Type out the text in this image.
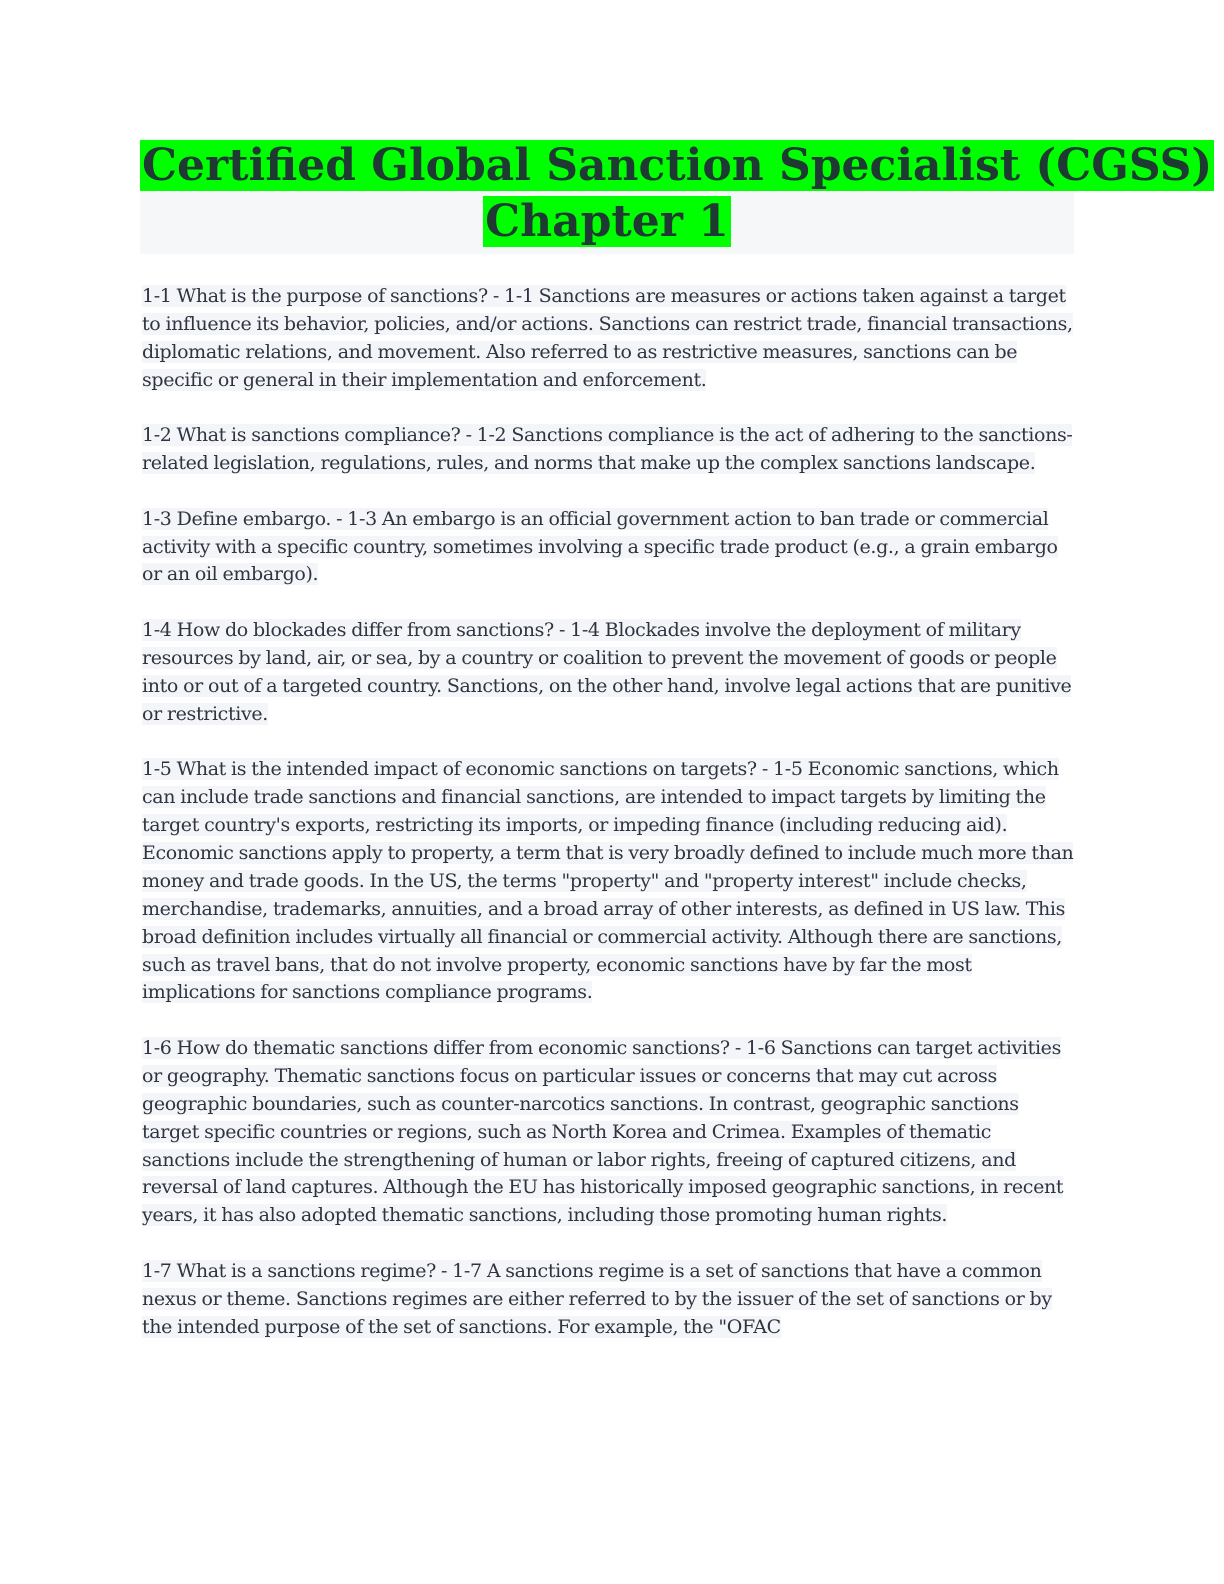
Certified Global Sanction Specialist (CGSS)
Chapter 1

1-1 What is the purpose of sanctions? - 1-1 Sanctions are measures or actions taken against a target to influence its behavior, policies, and/or actions. Sanctions can restrict trade, financial transactions, diplomatic relations, and movement. Also referred to as restrictive measures, sanctions can be specific or general in their implementation and enforcement.

1-2 What is sanctions compliance? - 1-2 Sanctions compliance is the act of adhering to the sanctions-related legislation, regulations, rules, and norms that make up the complex sanctions landscape.

1-3 Define embargo. - 1-3 An embargo is an official government action to ban trade or commercial activity with a specific country, sometimes involving a specific trade product (e.g., a grain embargo or an oil embargo).

1-4 How do blockades differ from sanctions? - 1-4 Blockades involve the deployment of military resources by land, air, or sea, by a country or coalition to prevent the movement of goods or people into or out of a targeted country. Sanctions, on the other hand, involve legal actions that are punitive or restrictive.

1-5 What is the intended impact of economic sanctions on targets? - 1-5 Economic sanctions, which can include trade sanctions and financial sanctions, are intended to impact targets by limiting the target country's exports, restricting its imports, or impeding finance (including reducing aid). Economic sanctions apply to property, a term that is very broadly defined to include much more than money and trade goods. In the US, the terms "property" and "property interest" include checks, merchandise, trademarks, annuities, and a broad array of other interests, as defined in US law. This broad definition includes virtually all financial or commercial activity. Although there are sanctions, such as travel bans, that do not involve property, economic sanctions have by far the most implications for sanctions compliance programs.

1-6 How do thematic sanctions differ from economic sanctions? - 1-6 Sanctions can target activities or geography. Thematic sanctions focus on particular issues or concerns that may cut across geographic boundaries, such as counter-narcotics sanctions. In contrast, geographic sanctions target specific countries or regions, such as North Korea and Crimea. Examples of thematic sanctions include the strengthening of human or labor rights, freeing of captured citizens, and reversal of land captures. Although the EU has historically imposed geographic sanctions, in recent years, it has also adopted thematic sanctions, including those promoting human rights.

1-7 What is a sanctions regime? - 1-7 A sanctions regime is a set of sanctions that have a common nexus or theme. Sanctions regimes are either referred to by the issuer of the set of sanctions or by the intended purpose of the set of sanctions. For example, the "OFAC
